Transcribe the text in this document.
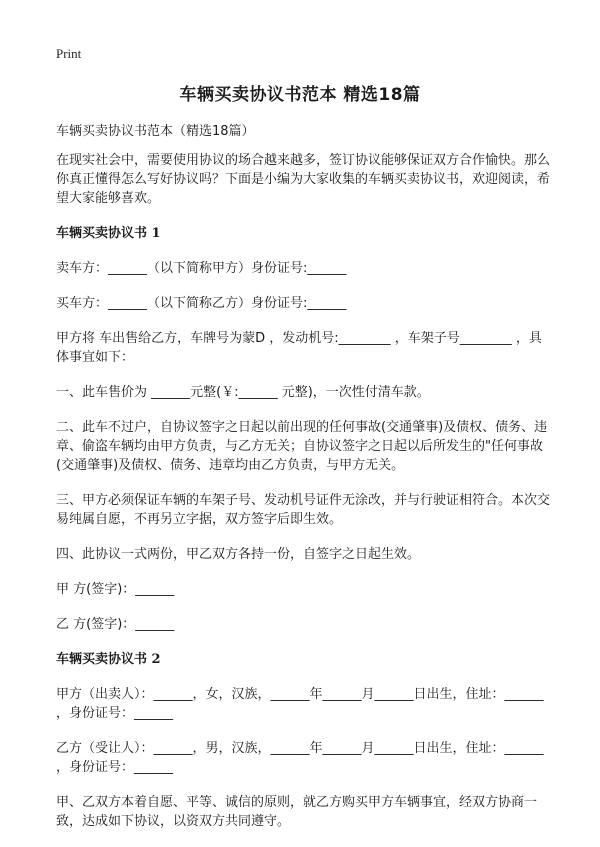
Print
车辆买卖协议书范本 精选18篇

车辆买卖协议书范本（精选18篇）

在现实社会中，需要使用协议的场合越来越多，签订协议能够保证双方合作愉快。那么你真正懂得怎么写好协议吗？下面是小编为大家收集的车辆买卖协议书，欢迎阅读，希望大家能够喜欢。

车辆买卖协议书 1

卖车方：______（以下简称甲方）身份证号:______

买车方：______（以下简称乙方）身份证号:______

甲方将 车出售给乙方，车牌号为蒙D ，发动机号:________ ，车架子号________ ，具体事宜如下：

一、此车售价为 ______元整(￥:______ 元整)，一次性付清车款。

二、此车不过户，自协议签字之日起以前出现的任何事故(交通肇事)及债权、债务、违章、偷盗车辆均由甲方负责，与乙方无关；自协议签字之日起以后所发生的"任何事故(交通肇事)及债权、债务、违章均由乙方负责，与甲方无关。

三、甲方必须保证车辆的车架子号、发动机号证件无涂改，并与行驶证相符合。本次交易纯属自愿，不再另立字据，双方签字后即生效。

四、此协议一式两份，甲乙双方各持一份，自签字之日起生效。

甲 方(签字)：______

乙 方(签字)：______

车辆买卖协议书 2

甲方（出卖人）：______，女，汉族，______年______月______日出生，住址：______ ，身份证号：______

乙方（受让人）：______，男，汉族，______年______月______日出生，住址：______ ，身份证号：______

甲、乙双方本着自愿、平等、诚信的原则，就乙方购买甲方车辆事宜，经双方协商一致，达成如下协议，以资双方共同遵守。
